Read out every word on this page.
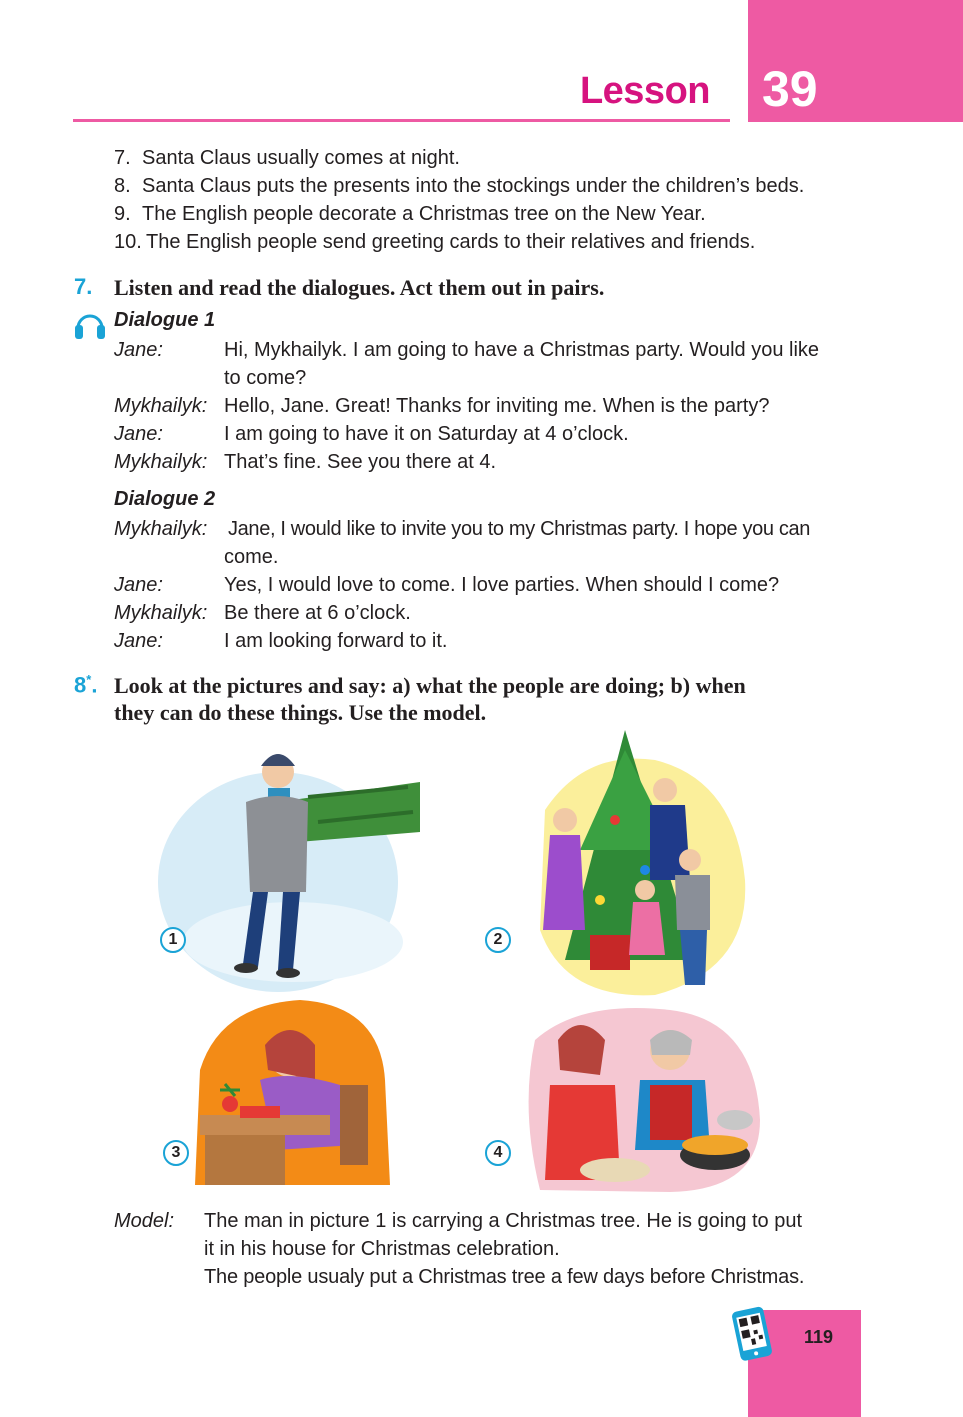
Lesson 39
7. Santa Claus usually comes at night.
8. Santa Claus puts the presents into the stockings under the children’s beds.
9. The English people decorate a Christmas tree on the New Year.
10. The English people send greeting cards to their relatives and friends.
7. Listen and read the dialogues. Act them out in pairs.
Dialogue 1
Jane:	Hi, Mykhailyk. I am going to have a Christmas party. Would you like
to come?
Mykhailyk: Hello, Jane. Great! Thanks for inviting me. When is the party?
Jane:	I am going to have it on Saturday at 4 o’clock.
Mykhailyk: That’s fine. See you there at 4.
Dialogue 2
Mykhailyk: Jane, I would like to invite you to my Christmas party. I hope you can
come.
Jane:	Yes, I would love to come. I love parties. When should I come?
Mykhailyk: Be there at 6 o’clock.
Jane:	I am looking forward to it.
8*. Look at the pictures and say: a) what the people are doing; b) when
they can do these things. Use the model.
1	2
3	4
Model: The man in picture 1 is carrying a Christmas tree. He is going to put
it in his house for Christmas celebration.
The people usualy put a Christmas tree a few days before Christmas.
119
